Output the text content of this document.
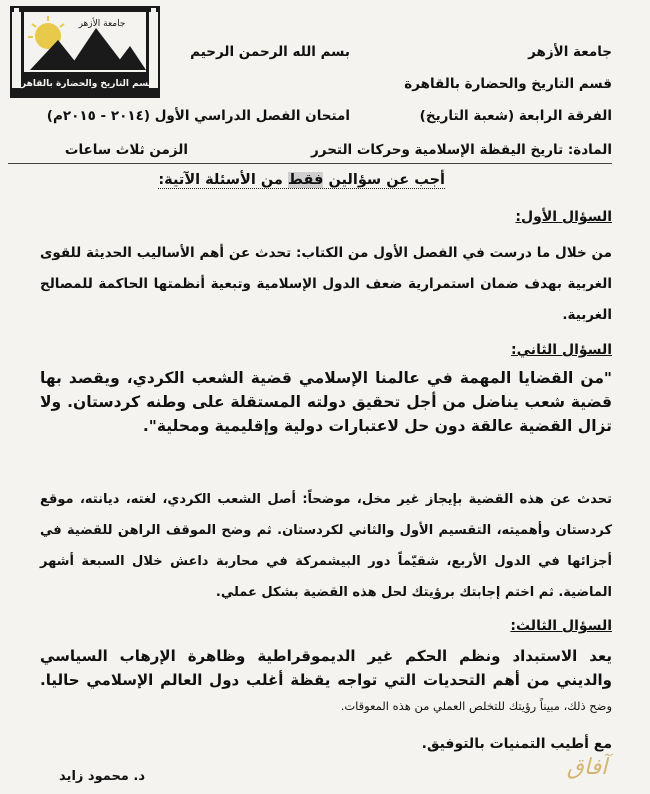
جامعة الأزهر
قسم التاريخ والحضارة بالقاهرة
جامعة الأزهر
بسم الله الرحمن الرحيم
قسم التاريخ والحضارة بالقاهرة
الفرقة الرابعة (شعبة التاريخ)
امتحان الفصل الدراسي الأول (٢٠١٤ - ٢٠١٥م)
المادة: تاريخ اليقظة الإسلامية وحركات التحرر
الزمن ثلاث ساعات
أجب عن سؤالين فقط من الأسئلة الآتية:
السؤال الأول:
من خلال ما درست في الفصل الأول من الكتاب: تحدث عن أهم الأساليب الحديثة للقوى الغربية بهدف ضمان استمرارية ضعف الدول الإسلامية وتبعية أنظمتها الحاكمة للمصالح الغربية.
السؤال الثاني:
"من القضايا المهمة في عالمنا الإسلامي قضية الشعب الكردي، ويقصد بها قضية شعب يناضل من أجل تحقيق دولته المستقلة على وطنه كردستان. ولا تزال القضية عالقة دون حل لاعتبارات دولية وإقليمية ومحلية".
تحدث عن هذه القضية بإيجاز غير مخل، موضحاً: أصل الشعب الكردي، لغته، ديانته، موقع كردستان وأهميته، التقسيم الأول والثاني لكردستان. ثم وضح الموقف الراهن للقضية في أجزائها في الدول الأربع، شقيّماً دور البيشمركة في محاربة داعش خلال السبعة أشهر الماضية. ثم اختم إجابتك برؤيتك لحل هذه القضية بشكل عملي.
السؤال الثالث:
يعد الاستبداد ونظم الحكم غير الديموقراطية وظاهرة الإرهاب السياسي والديني من أهم التحديات التي تواجه يقظة أغلب دول العالم الإسلامي حاليا. وضح ذلك، مبيناً رؤيتك للتخلص العملي من هذه المعوقات.
مع أطيب التمنيات بالتوفيق.
د. محمود زايد	آفاق
